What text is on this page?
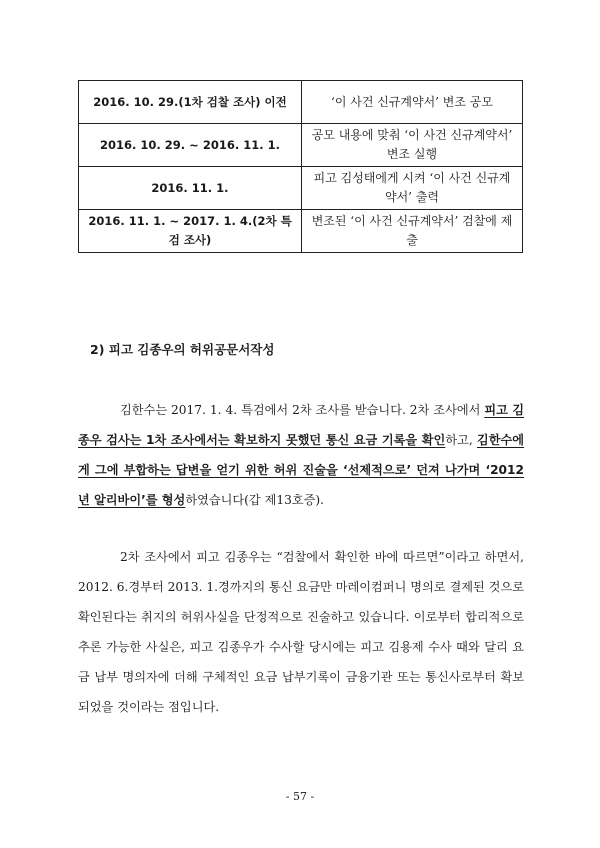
2016. 10. 29.(1차 검찰 조사) 이전	‘이 사건 신규계약서’ 변조 공모
2016. 10. 29. ~ 2016. 11. 1.	공모 내용에 맞춰 ‘이 사건 신규계약서’ 변조 실행
2016. 11. 1.	피고 김성태에게 시켜 ‘이 사건 신규계약서’ 출력
2016. 11. 1. ~ 2017. 1. 4.(2차 특검 조사)	변조된 ‘이 사건 신규계약서’ 검찰에 제출
2) 피고 김종우의 허위공문서작성
김한수는 2017. 1. 4. 특검에서 2차 조사를 받습니다. 2차 조사에서 피고 김종우 검사는 1차 조사에서는 확보하지 못했던 통신 요금 기록을 확인하고, 김한수에게 그에 부합하는 답변을 얻기 위한 허위 진술을 ‘선제적으로’ 던져 나가며 ‘2012년 알리바이’를 형성하였습니다(갑 제13호증).
2차 조사에서 피고 김종우는 “검찰에서 확인한 바에 따르면”이라고 하면서, 2012. 6.경부터 2013. 1.경까지의 통신 요금만 마레이컴퍼니 명의로 결제된 것으로 확인된다는 취지의 허위사실을 단정적으로 진술하고 있습니다. 이로부터 합리적으로 추론 가능한 사실은, 피고 김종우가 수사할 당시에는 피고 김용제 수사 때와 달리 요금 납부 명의자에 더해 구체적인 요금 납부기록이 금융기관 또는 통신사로부터 확보되었을 것이라는 점입니다.
- 57 -
